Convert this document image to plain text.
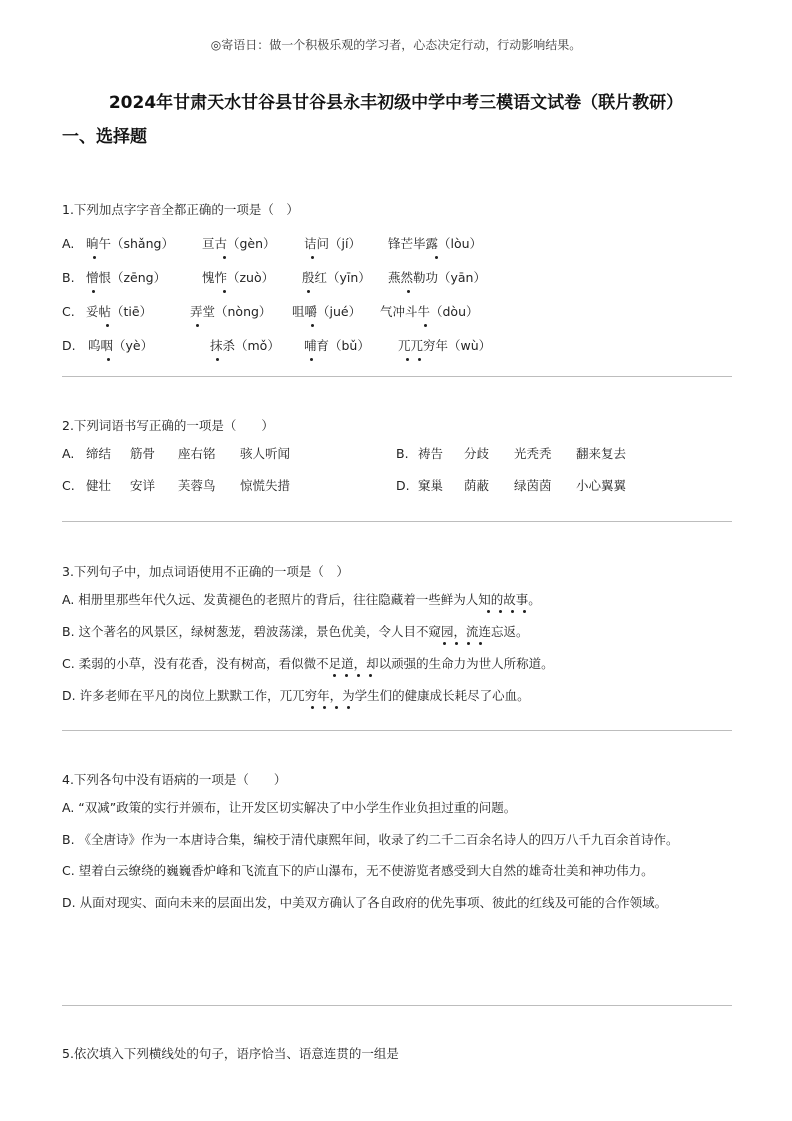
◎寄语日：做一个积极乐观的学习者，心态决定行动，行动影响结果。
2024年甘肃天水甘谷县甘谷县永丰初级中学中考三模语文试卷（联片教研）
一、选择题
1.下列加点字字音全都正确的一项是（　）
A. 晌午（shǎng） 亘古（gèn） 诘问（jí） 锋芒毕露（lòu）
B. 憎恨（zēng）	愧怍（zuò） 殷红（yīn） 燕然勒功（yān）
C. 妥帖（tiē）	弄堂（nòng） 咀嚼（jué） 气冲斗牛（dòu）
D. 呜咽（yè）	抹杀（mǒ） 哺育（bǔ） 兀兀穷年（wù）
2.下列词语书写正确的一项是（　　）
A. 缔结 筋骨 座右铭 骇人听闻	B. 祷告 分歧 光秃秃 翻来复去
C. 健壮 安详 芙蓉鸟 惊慌失措	D. 窠巢 荫蔽 绿茵茵 小心翼翼
3.下列句子中，加点词语使用不正确的一项是（　）
A. 相册里那些年代久远、发黄褪色的老照片的背后，往往隐藏着一些鲜为人知的故事。
B. 这个著名的风景区，绿树葱茏，碧波荡漾，景色优美，令人目不窥园，流连忘返。
C. 柔弱的小草，没有花香，没有树高，看似微不足道，却以顽强的生命力为世人所称道。
D. 许多老师在平凡的岗位上默默工作，兀兀穷年，为学生们的健康成长耗尽了心血。
4.下列各句中没有语病的一项是（　　）
A. “双减”政策的实行并颁布，让开发区切实解决了中小学生作业负担过重的问题。
B. 《全唐诗》作为一本唐诗合集，编校于清代康熙年间，收录了约二千二百余名诗人的四万八千九百余首诗作。
C. 望着白云缭绕的巍巍香炉峰和飞流直下的庐山瀑布，无不使游览者感受到大自然的雄奇壮美和神功伟力。
D. 从面对现实、面向未来的层面出发，中美双方确认了各自政府的优先事项、彼此的红线及可能的合作领域。
5.依次填入下列横线处的句子，语序恰当、语意连贯的一组是
